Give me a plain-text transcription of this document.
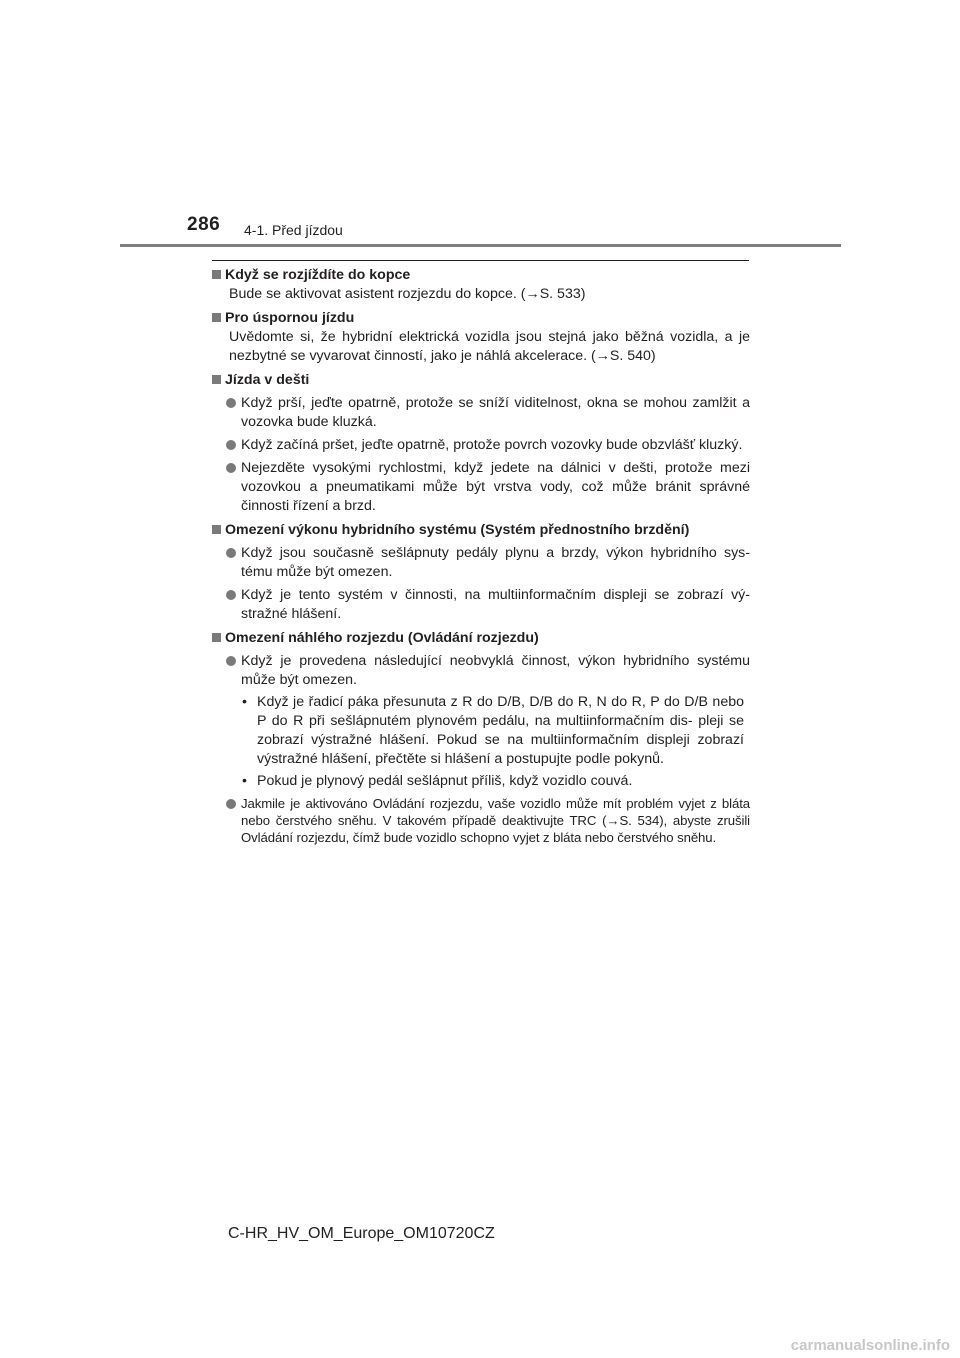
286 4-1. Před jízdou
Když se rozjíždíte do kopce

Bude se aktivovat asistent rozjezdu do kopce. (→S. 533)

Pro úspornou jízdu

Uvědomte si, že hybridní elektrická vozidla jsou stejná jako běžná vozidla, a je nezbytné se vyvarovat činností, jako je náhlá akcelerace. (→S. 540)

Jízda v dešti
Když prší, jeďte opatrně, protože se sníží viditelnost, okna se mohou zamlžit a vozovka bude kluzká.
Když začíná pršet, jeďte opatrně, protože povrch vozovky bude obzvlášť kluzký.
Nejezděte vysokými rychlostmi, když jedete na dálnici v dešti, protože mezi vozovkou a pneumatikami může být vrstva vody, což může bránit správné činnosti řízení a brzd.
Omezení výkonu hybridního systému (Systém přednostního brzdění)
Když jsou současně sešlápnuty pedály plynu a brzdy, výkon hybridního sys- tému může být omezen.
Když je tento systém v činnosti, na multiinformačním displeji se zobrazí vý- stražné hlášení.
Omezení náhlého rozjezdu (Ovládání rozjezdu)
Když je provedena následující neobvyklá činnost, výkon hybridního systému může být omezen.
• Když je řadicí páka přesunuta z R do D/B, D/B do R, N do R, P do D/B nebo P do R při sešlápnutém plynovém pedálu, na multiinformačním dis- pleji se zobrazí výstražné hlášení. Pokud se na multiinformačním displeji zobrazí výstražné hlášení, přečtěte si hlášení a postupujte podle pokynů.
• Pokud je plynový pedál sešlápnut příliš, když vozidlo couvá.
Jakmile je aktivováno Ovládání rozjezdu, vaše vozidlo může mít problém vyjet z bláta nebo čerstvého sněhu. V takovém případě deaktivujte TRC (→S. 534), abyste zrušili Ovládání rozjezdu, čímž bude vozidlo schopno vyjet z bláta nebo čerstvého sněhu.
C-HR_HV_OM_Europe_OM10720CZ
carmanualsonline.info
